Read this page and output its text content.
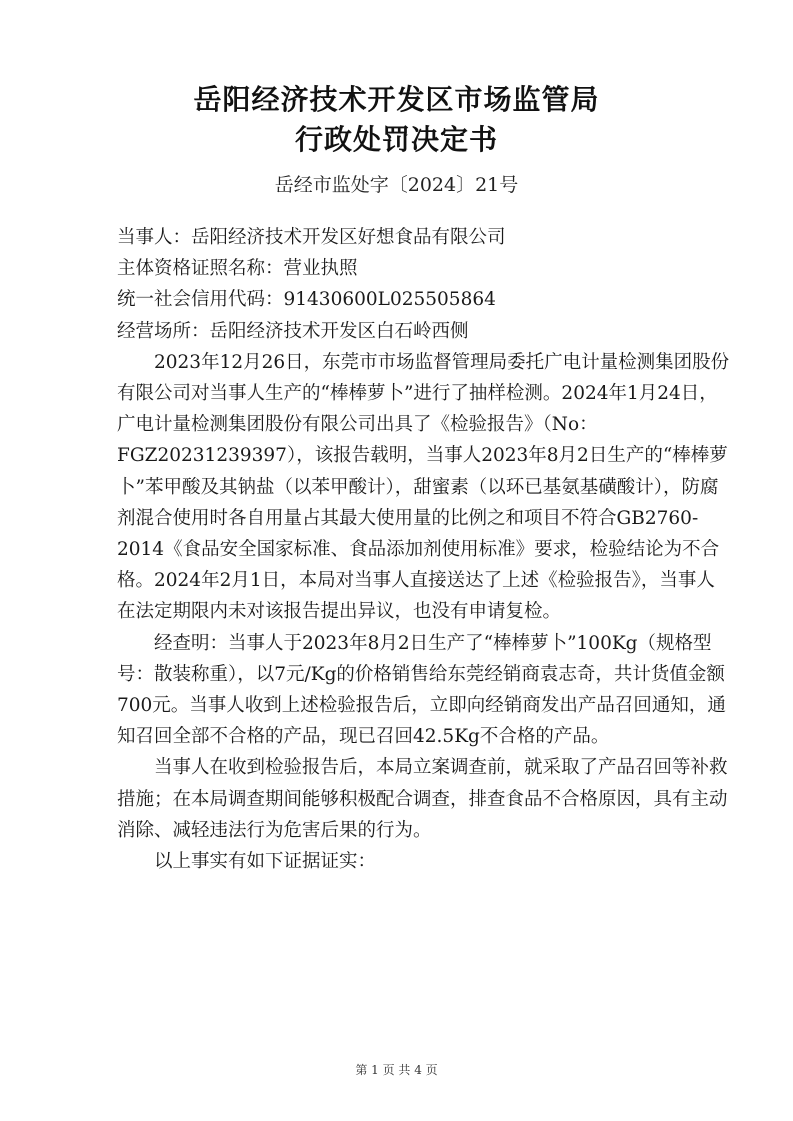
岳阳经济技术开发区市场监管局
行政处罚决定书
岳经市监处字〔2024〕21号

当事人：岳阳经济技术开发区好想食品有限公司

主体资格证照名称：营业执照

统一社会信用代码：91430600L025505864

经营场所：岳阳经济技术开发区白石岭西侧

2023年12月26日，东莞市市场监督管理局委托广电计量检测集团股份有限公司对当事人生产的“棒棒萝卜”进行了抽样检测。2024年1月24日，广电计量检测集团股份有限公司出具了《检验报告》（No：FGZ20231239397），该报告载明，当事人2023年8月2日生产的“棒棒萝卜”苯甲酸及其钠盐（以苯甲酸计），甜蜜素（以环已基氨基磺酸计），防腐剂混合使用时各自用量占其最大使用量的比例之和项目不符合GB2760-2014《食品安全国家标准、食品添加剂使用标准》要求，检验结论为不合格。2024年2月1日，本局对当事人直接送达了上述《检验报告》，当事人在法定期限内未对该报告提出异议，也没有申请复检。

经查明：当事人于2023年8月2日生产了“棒棒萝卜”100Kg（规格型号：散装称重），以7元/Kg的价格销售给东莞经销商袁志奇，共计货值金额700元。当事人收到上述检验报告后，立即向经销商发出产品召回通知，通知召回全部不合格的产品，现已召回42.5Kg不合格的产品。

当事人在收到检验报告后，本局立案调查前，就采取了产品召回等补救措施；在本局调查期间能够积极配合调查，排查食品不合格原因，具有主动消除、减轻违法行为危害后果的行为。

以上事实有如下证据证实：

第 1 页 共 4 页
